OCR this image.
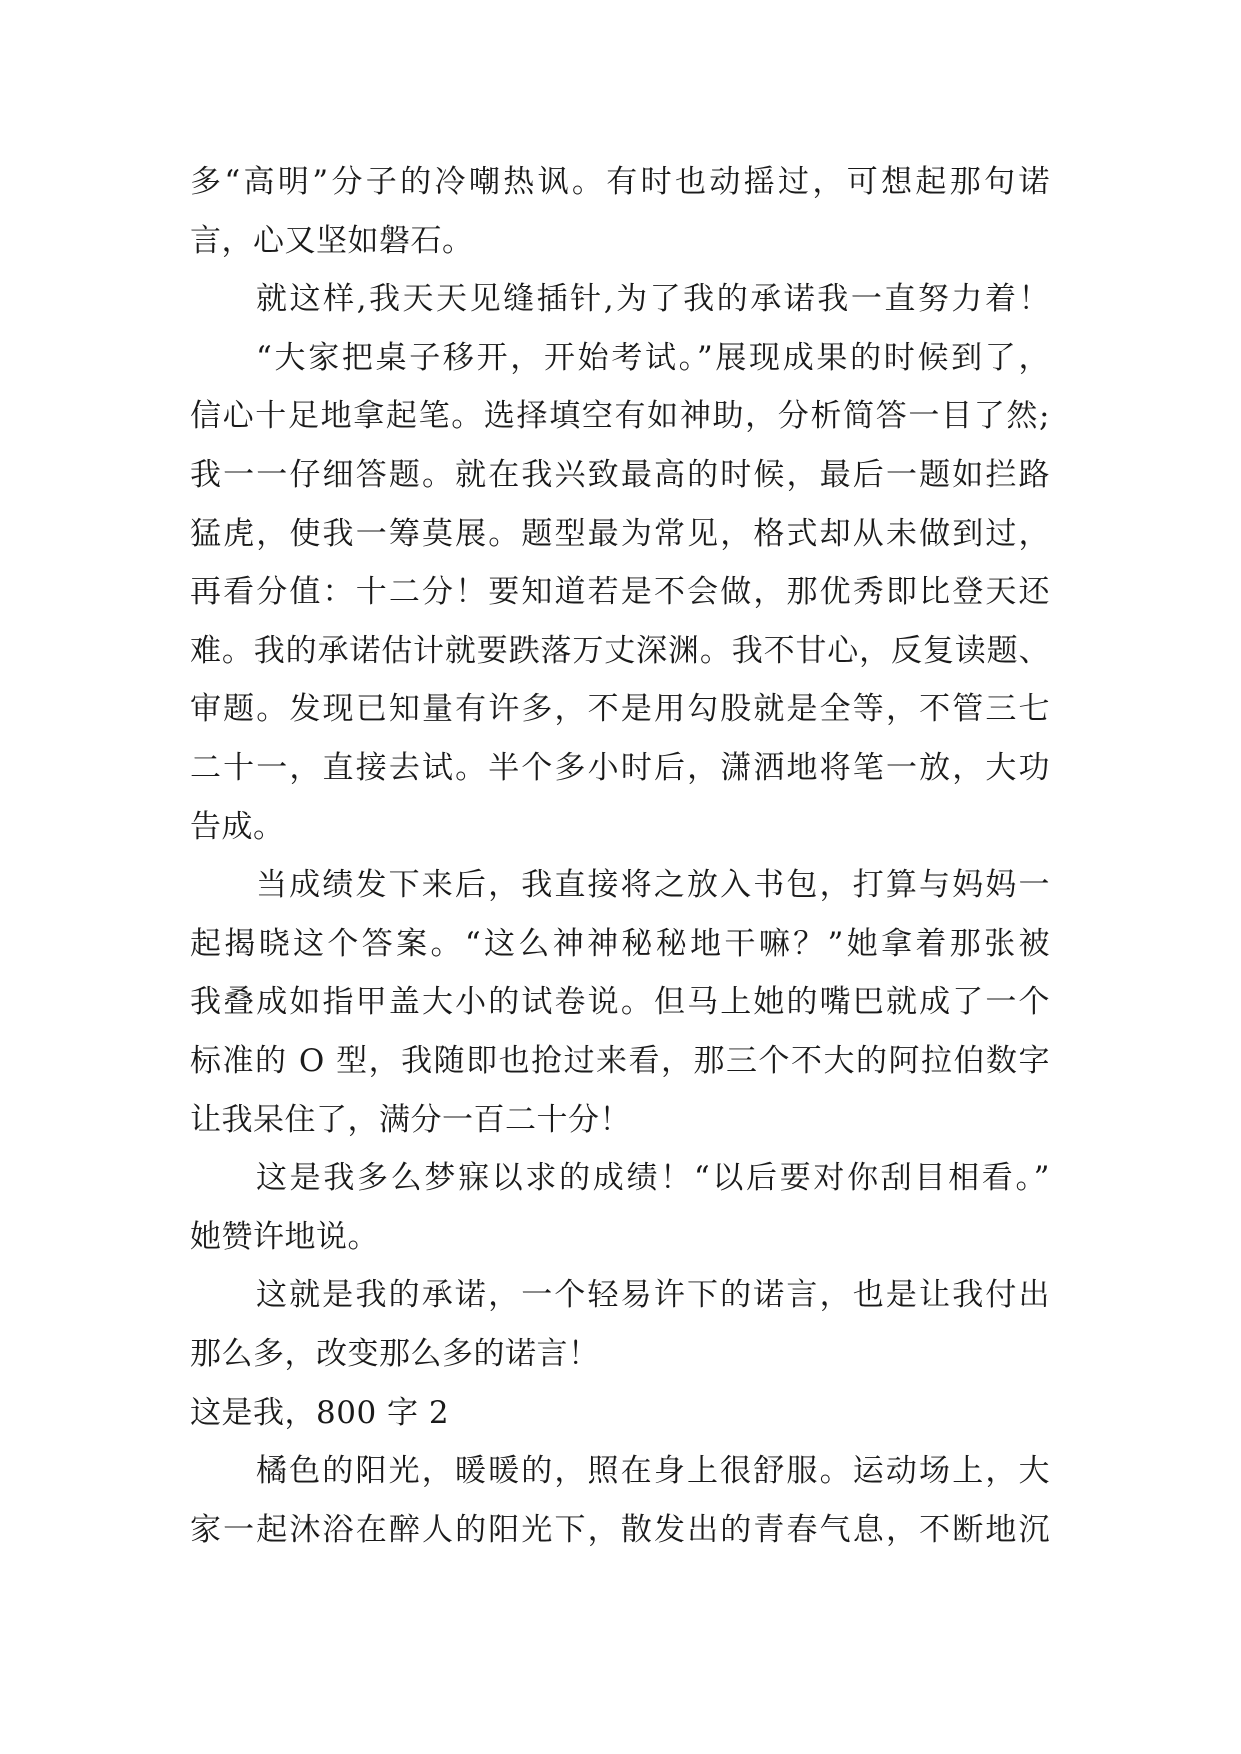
多“高明”分子的冷嘲热讽。有时也动摇过，可想起那句诺
言，心又坚如磐石。
就这样,我天天见缝插针,为了我的承诺我一直努力着！
“大家把桌子移开，开始考试。”展现成果的时候到了，
信心十足地拿起笔。选择填空有如神助，分析简答一目了然;
我一一仔细答题。就在我兴致最高的时候，最后一题如拦路
猛虎，使我一筹莫展。题型最为常见，格式却从未做到过，
再看分值：十二分！要知道若是不会做，那优秀即比登天还
难。我的承诺估计就要跌落万丈深渊。我不甘心，反复读题、
审题。发现已知量有许多，不是用勾股就是全等，不管三七
二十一，直接去试。半个多小时后，潇洒地将笔一放，大功
告成。
当成绩发下来后，我直接将之放入书包，打算与妈妈一
起揭晓这个答案。“这么神神秘秘地干嘛？”她拿着那张被
我叠成如指甲盖大小的试卷说。但马上她的嘴巴就成了一个
标准的 O 型，我随即也抢过来看，那三个不大的阿拉伯数字
让我呆住了，满分一百二十分！
这是我多么梦寐以求的成绩！“以后要对你刮目相看。”
她赞许地说。
这就是我的承诺，一个轻易许下的诺言，也是让我付出
那么多，改变那么多的诺言！
这是我，800 字 2
橘色的阳光，暖暖的，照在身上很舒服。运动场上，大
家一起沐浴在醉人的阳光下，散发出的青春气息，不断地沉
